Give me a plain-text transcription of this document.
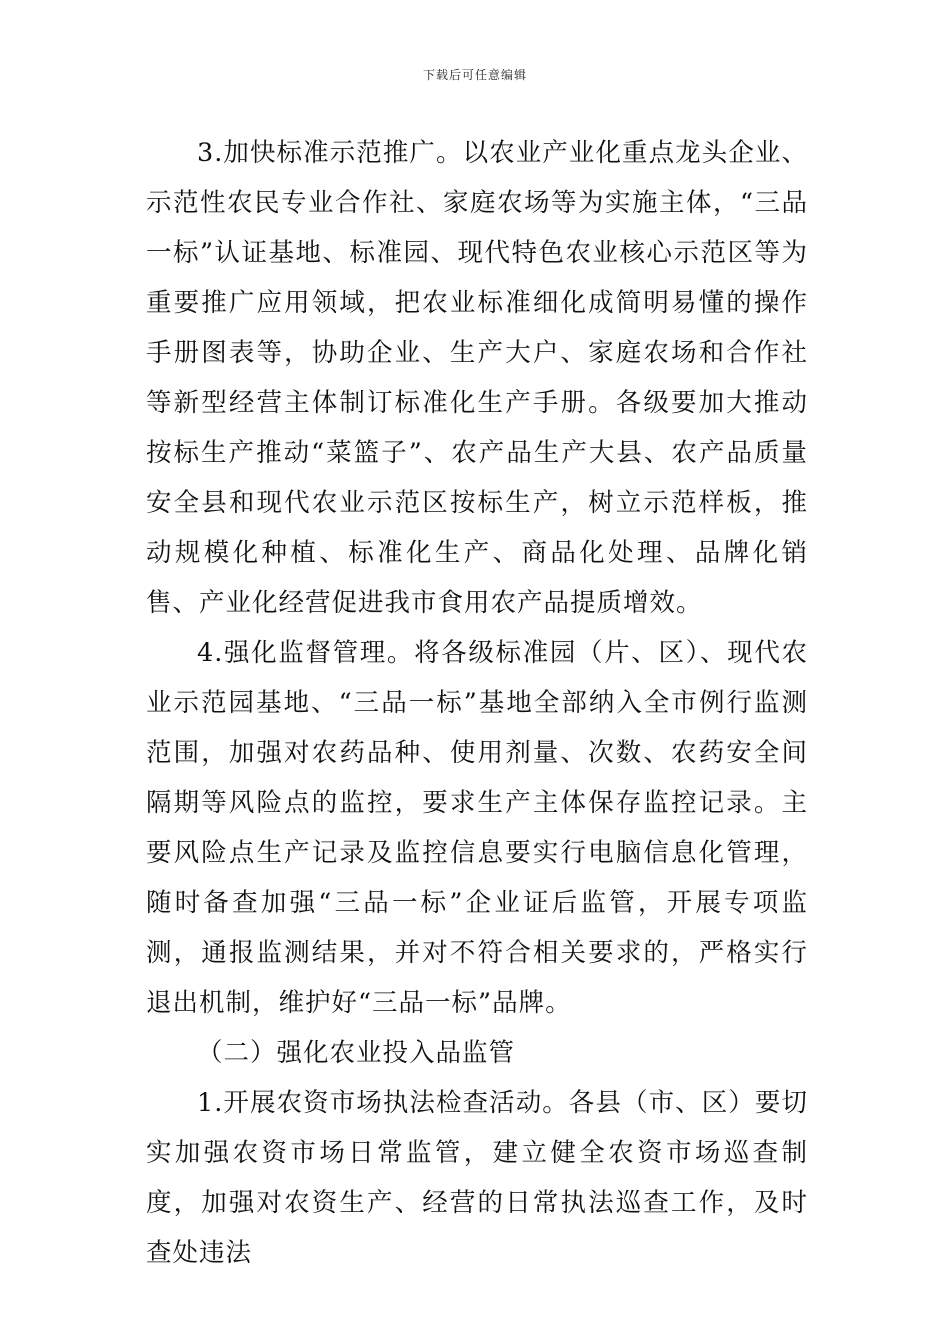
下载后可任意编辑

3.加快标准示范推广。以农业产业化重点龙头企业、示范性农民专业合作社、家庭农场等为实施主体，“三品一标”认证基地、标准园、现代特色农业核心示范区等为重要推广应用领域，把农业标准细化成简明易懂的操作手册图表等，协助企业、生产大户、家庭农场和合作社等新型经营主体制订标准化生产手册。各级要加大推动按标生产推动“菜篮子”、农产品生产大县、农产品质量安全县和现代农业示范区按标生产，树立示范样板，推动规模化种植、标准化生产、商品化处理、品牌化销售、产业化经营促进我市食用农产品提质增效。

4.强化监督管理。将各级标准园（片、区）、现代农业示范园基地、“三品一标”基地全部纳入全市例行监测范围，加强对农药品种、使用剂量、次数、农药安全间隔期等风险点的监控，要求生产主体保存监控记录。主要风险点生产记录及监控信息要实行电脑信息化管理，随时备查加强“三品一标”企业证后监管，开展专项监测，通报监测结果，并对不符合相关要求的，严格实行退出机制，维护好“三品一标”品牌。

（二）强化农业投入品监管

1.开展农资市场执法检查活动。各县（市、区）要切实加强农资市场日常监管，建立健全农资市场巡查制度，加强对农资生产、经营的日常执法巡查工作，及时查处违法
